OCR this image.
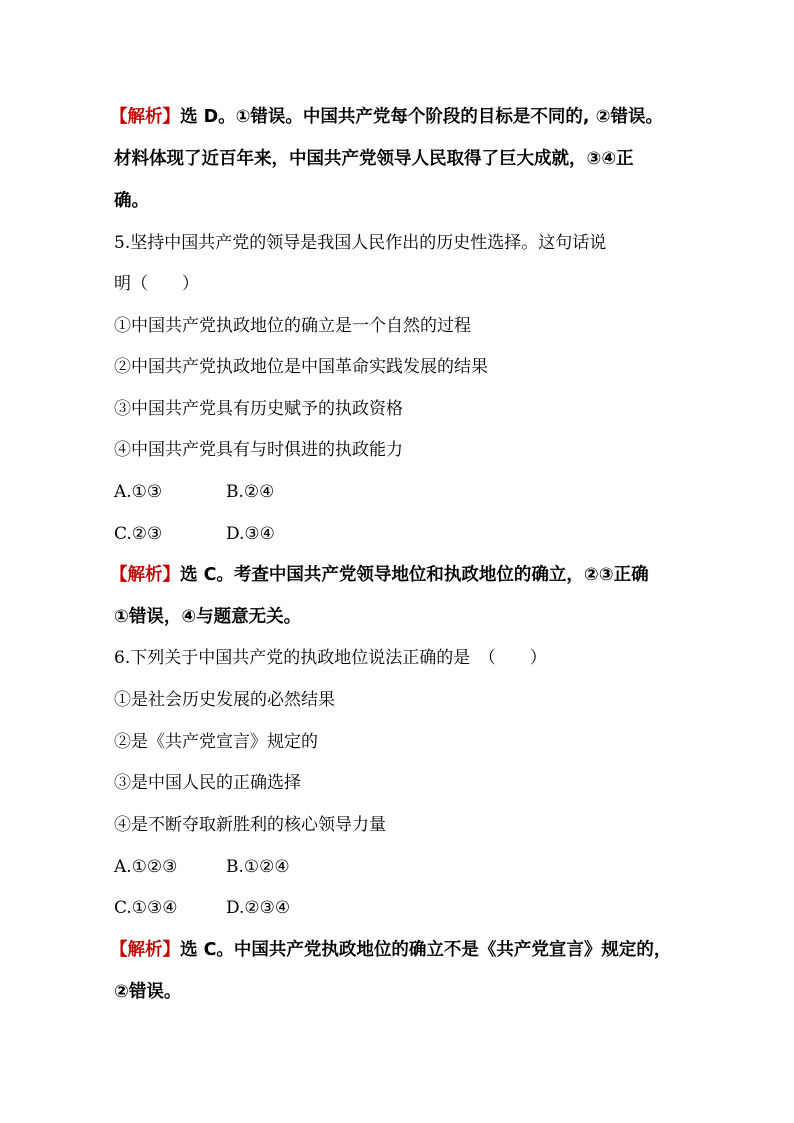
【解析】选 D。①错误。中国共产党每个阶段的目标是不同的, ②错误。
材料体现了近百年来，中国共产党领导人民取得了巨大成就，③④正
确。
5.坚持中国共产党的领导是我国人民作出的历史性选择。这句话说
明（　　）
①中国共产党执政地位的确立是一个自然的过程
②中国共产党执政地位是中国革命实践发展的结果
③中国共产党具有历史赋予的执政资格
④中国共产党具有与时俱进的执政能力
A.①③	B.②④
C.②③	D.③④
【解析】选 C。考查中国共产党领导地位和执政地位的确立，②③正确
①错误，④与题意无关。
6.下列关于中国共产党的执政地位说法正确的是　（　　）
①是社会历史发展的必然结果
②是《共产党宣言》规定的
③是中国人民的正确选择
④是不断夺取新胜利的核心领导力量
A.①②③	B.①②④
C.①③④	D.②③④
【解析】选 C。中国共产党执政地位的确立不是《共产党宣言》规定的，
②错误。
